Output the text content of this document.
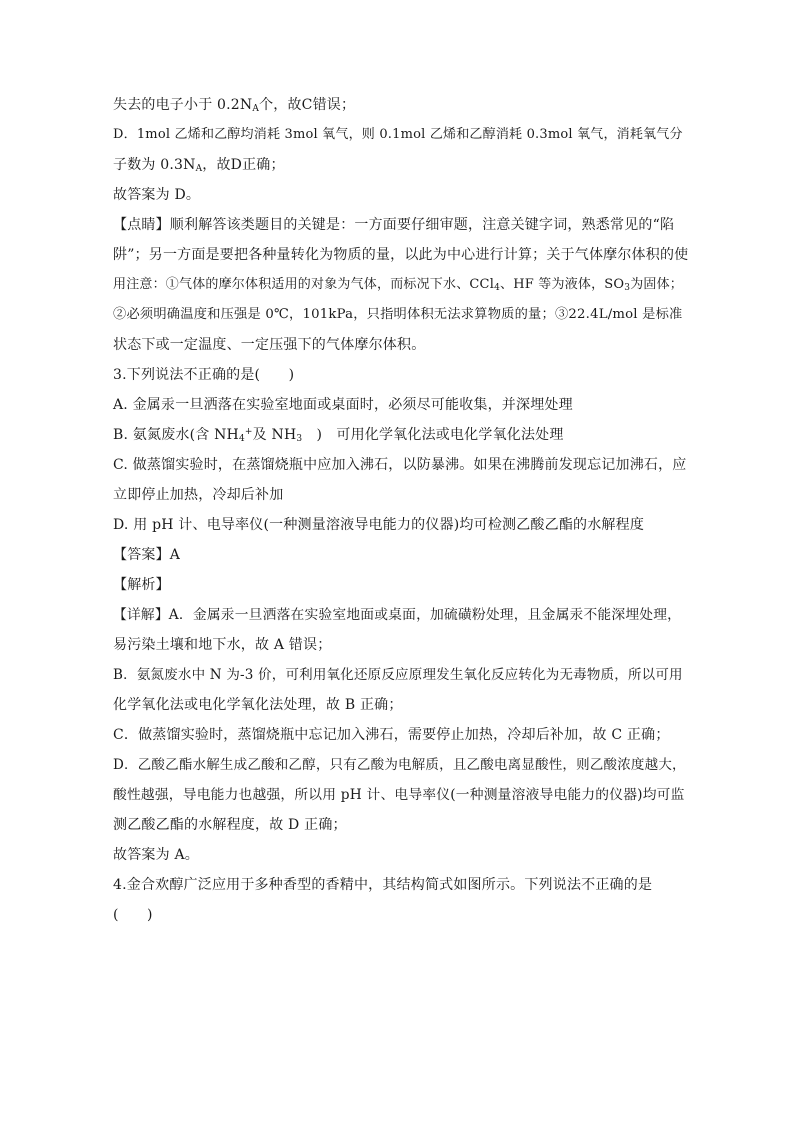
失去的电子小于 $0.2N_A$个，故C错误；
D．1mol 乙烯和乙醇均消耗 3mol 氧气，则 0.1mol 乙烯和乙醇消耗 0.3mol 氧气，消耗氧气分
子数为 $0.3N_A$，故D正确；
故答案为 D。
【点睛】顺利解答该类题目的关键是：一方面要仔细审题，注意关键字词，熟悉常见的“陷
阱”；另一方面是要把各种量转化为物质的量，以此为中心进行计算；关于气体摩尔体积的使
用注意：①气体的摩尔体积适用的对象为气体，而标况下水、CCl$_4$、HF 等为液体，$SO_3$为固体；
②必须明确温度和压强是 0℃，101kPa，只指明体积无法求算物质的量；③22.4L/mol 是标准
状态下或一定温度、一定压强下的气体摩尔体积。
3.下列说法不正确的是(　　)
A. 金属汞一旦洒落在实验室地面或桌面时，必须尽可能收集，并深埋处理
B. 氨氮废水(含 $NH_4^+$及 $NH_3$　)　可用化学氧化法或电化学氧化法处理
C. 做蒸馏实验时，在蒸馏烧瓶中应加入沸石，以防暴沸。如果在沸腾前发现忘记加沸石，应
立即停止加热，冷却后补加
D. 用 pH 计、电导率仪(一种测量溶液导电能力的仪器)均可检测乙酸乙酯的水解程度
【答案】A
【解析】
【详解】A．金属汞一旦洒落在实验室地面或桌面，加硫磺粉处理，且金属汞不能深埋处理，
易污染土壤和地下水，故 A 错误；
B．氨氮废水中 N 为-3 价，可利用氧化还原反应原理发生氧化反应转化为无毒物质，所以可用
化学氧化法或电化学氧化法处理，故 B 正确；
C．做蒸馏实验时，蒸馏烧瓶中忘记加入沸石，需要停止加热，冷却后补加，故 C 正确；
D．乙酸乙酯水解生成乙酸和乙醇，只有乙酸为电解质，且乙酸电离显酸性，则乙酸浓度越大，
酸性越强，导电能力也越强，所以用 pH 计、电导率仪(一种测量溶液导电能力的仪器)均可监
测乙酸乙酯的水解程度，故 D 正确；
故答案为 A。
4.金合欢醇广泛应用于多种香型的香精中，其结构简式如图所示。下列说法不正确的是
(　　)
